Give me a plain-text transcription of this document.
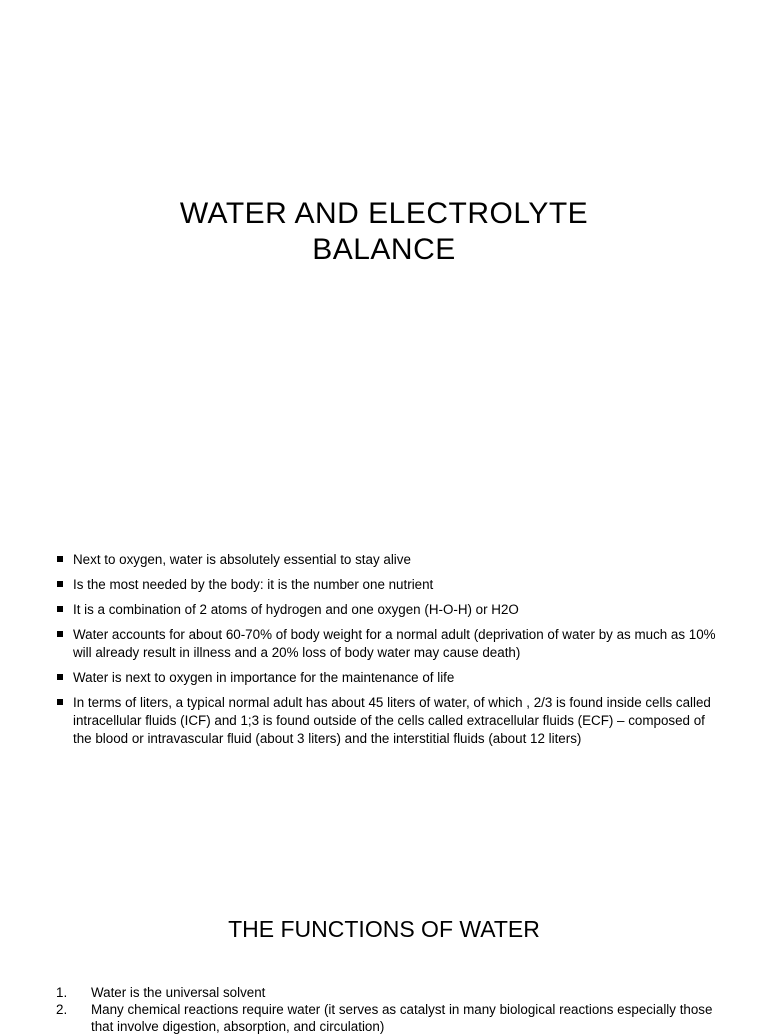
WATER AND ELECTROLYTE
BALANCE
Next to oxygen, water is absolutely essential to stay alive
Is the most needed by the body: it is the number one nutrient
It is a combination of 2 atoms of hydrogen and one oxygen (H-O-H) or H2O
Water accounts for about 60-70% of body weight for a normal adult (deprivation of water by as much as 10% will already result in illness and a 20% loss of body water may cause death)
Water is next to oxygen in importance for the maintenance of life
In terms of liters, a typical normal adult has about 45 liters of water, of which , 2/3 is found inside cells called intracellular fluids (ICF) and 1;3 is found outside of the cells called extracellular fluids (ECF) – composed of the blood or intravascular fluid (about 3 liters) and the interstitial fluids (about 12 liters)
THE FUNCTIONS OF WATER
1. Water is the universal solvent
2. Many chemical reactions require water (it serves as catalyst in many biological reactions especially those that involve digestion, absorption, and circulation)
